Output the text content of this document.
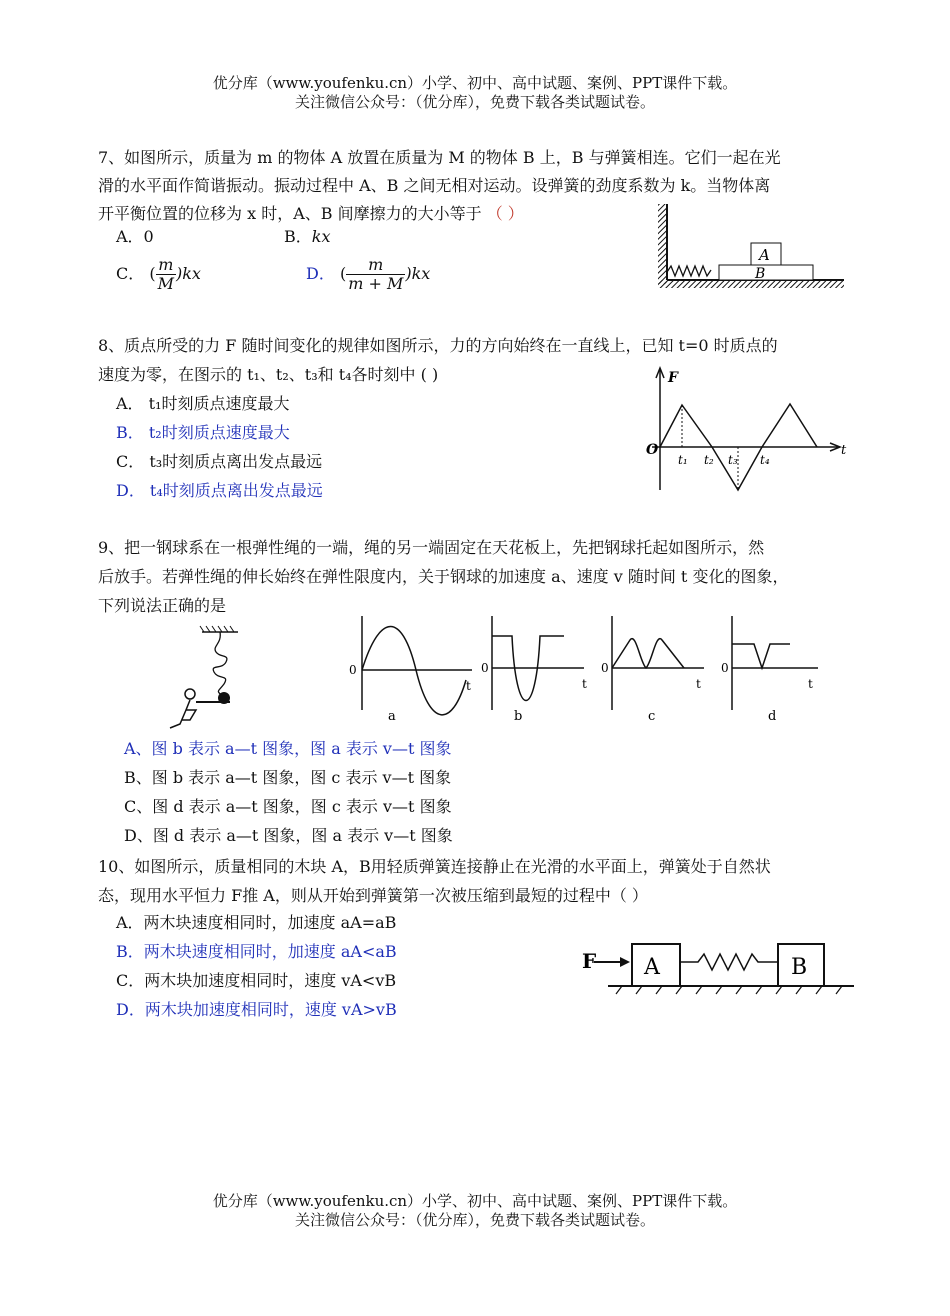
优分库（www.youfenku.cn）小学、初中、高中试题、案例、PPT课件下载。
关注微信公众号：（优分库），免费下载各类试题试卷。
7、如图所示，质量为 m 的物体 A 放置在质量为 M 的物体 B 上，B 与弹簧相连。它们一起在光
滑的水平面作简谐振动。振动过程中 A、B 之间无相对运动。设弹簧的劲度系数为 k。当物体离
开平衡位置的位移为 x 时，A、B 间摩擦力的大小等于 （ ）
A．0	B．kx
C． ( $\frac{m}{M} )kx$	D． ( $\frac{m}{m + M} )kx$
A
B
8、质点所受的力 F 随时间变化的规律如图所示，力的方向始终在一直线上，已知 t=0 时质点的
速度为零，在图示的 t₁、t₂、t₃和 t₄各时刻中 ( )
A． t₁时刻质点速度最大
B． t₂时刻质点速度最大
C． t₃时刻质点离出发点最远
D． t₄时刻质点离出发点最远
F
O	t
t₁ t₂ t₃ t₄
9、把一钢球系在一根弹性绳的一端，绳的另一端固定在天花板上，先把钢球托起如图所示，然
后放手。若弹性绳的伸长始终在弹性限度内，关于钢球的加速度 a、速度 v 随时间 t 变化的图象，
下列说法正确的是
0
t
a
0
t
b
0
t
c
0
t
d
A、图 b 表示 a—t 图象，图 a 表示 v—t 图象
B、图 b 表示 a—t 图象，图 c 表示 v—t 图象
C、图 d 表示 a—t 图象，图 c 表示 v—t 图象
D、图 d 表示 a—t 图象，图 a 表示 v—t 图象
10、如图所示，质量相同的木块 A，B用轻质弹簧连接静止在光滑的水平面上，弹簧处于自然状
态，现用水平恒力 F推 A，则从开始到弹簧第一次被压缩到最短的过程中（ ）
A．两木块速度相同时，加速度 aA=aB
B．两木块速度相同时，加速度 aA<aB
C．两木块加速度相同时，速度 vA<vB
D．两木块加速度相同时，速度 vA>vB
F A	B
优分库（www.youfenku.cn）小学、初中、高中试题、案例、PPT课件下载。
关注微信公众号：（优分库），免费下载各类试题试卷。
